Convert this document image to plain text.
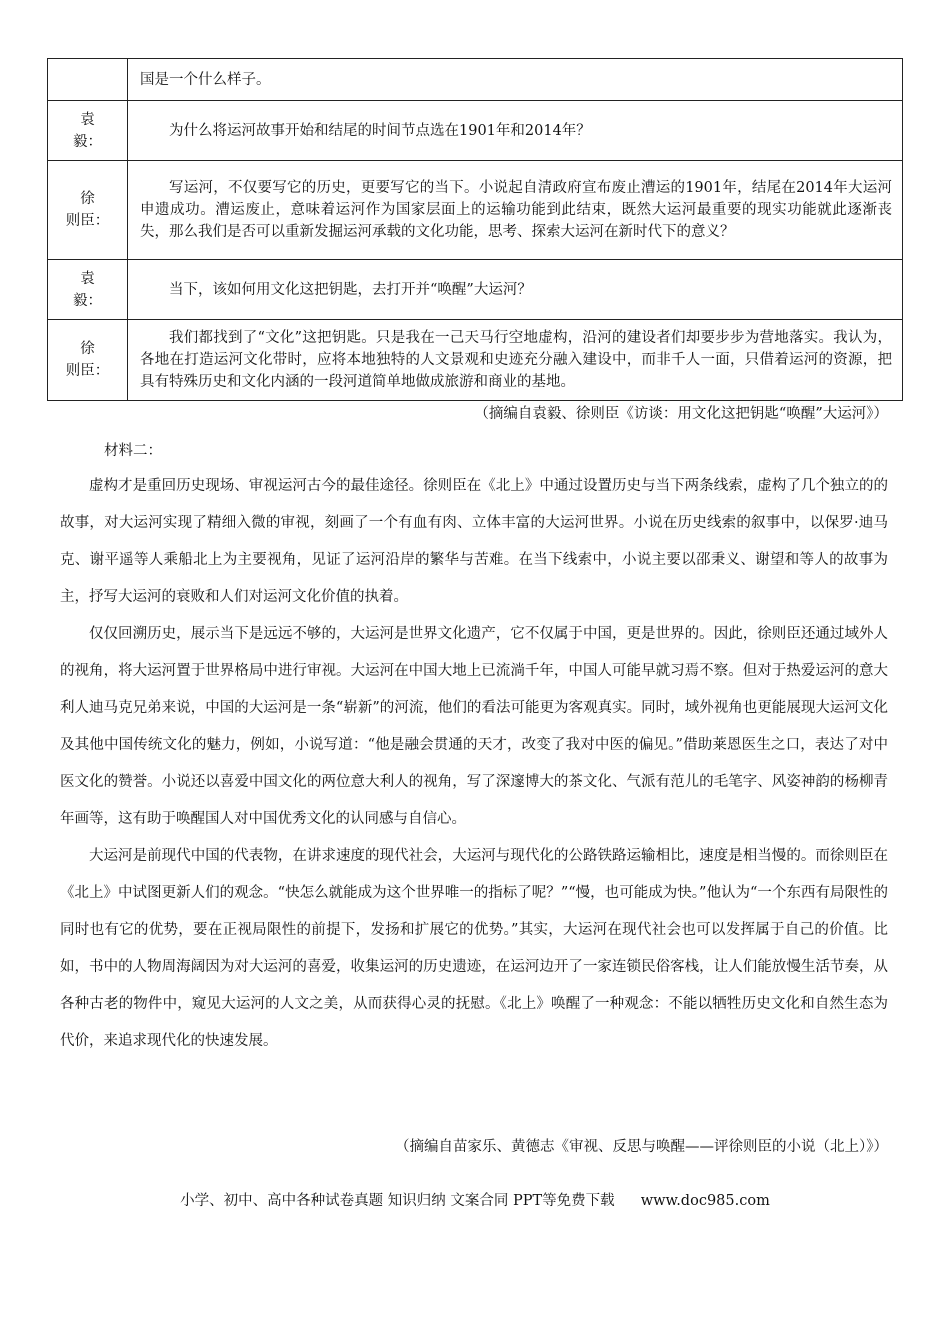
	国是一个什么样子。

袁
毅：	为什么将运河故事开始和结尾的时间节点选在1901年和2014年？

徐
则臣：	写运河，不仅要写它的历史，更要写它的当下。小说起自清政府宣布废止漕运的1901年，结尾在2014年大运河申遗成功。漕运废止，意味着运河作为国家层面上的运输功能到此结束，既然大运河最重要的现实功能就此逐渐丧失，那么我们是否可以重新发掘运河承载的文化功能，思考、探索大运河在新时代下的意义？

袁
毅：	当下，该如何用文化这把钥匙，去打开并“唤醒”大运河？

徐
则臣：	我们都找到了“文化”这把钥匙。只是我在一己天马行空地虚构，沿河的建设者们却要步步为营地落实。我认为，各地在打造运河文化带时，应将本地独特的人文景观和史迹充分融入建设中，而非千人一面，只借着运河的资源，把具有特殊历史和文化内涵的一段河道简单地做成旅游和商业的基地。
（摘编自袁毅、徐则臣《访谈：用文化这把钥匙“唤醒”大运河》）
材料二：

虚构才是重回历史现场、审视运河古今的最佳途径。徐则臣在《北上》中通过设置历史与当下两条线索，虚构了几个独立的的故事，对大运河实现了精细入微的审视，刻画了一个有血有肉、立体丰富的大运河世界。小说在历史线索的叙事中，以保罗·迪马克、谢平遥等人乘船北上为主要视角，见证了运河沿岸的繁华与苦难。在当下线索中，小说主要以邵秉义、谢望和等人的故事为主，抒写大运河的衰败和人们对运河文化价值的执着。

仅仅回溯历史，展示当下是远远不够的，大运河是世界文化遗产，它不仅属于中国，更是世界的。因此，徐则臣还通过域外人的视角，将大运河置于世界格局中进行审视。大运河在中国大地上已流淌千年，中国人可能早就习焉不察。但对于热爱运河的意大利人迪马克兄弟来说，中国的大运河是一条“崭新”的河流，他们的看法可能更为客观真实。同时，域外视角也更能展现大运河文化及其他中国传统文化的魅力，例如，小说写道：“他是融会贯通的天才，改变了我对中医的偏见。”借助莱恩医生之口，表达了对中医文化的赞誉。小说还以喜爱中国文化的两位意大利人的视角，写了深邃博大的茶文化、气派有范儿的毛笔字、风姿神韵的杨柳青年画等，这有助于唤醒国人对中国优秀文化的认同感与自信心。

大运河是前现代中国的代表物，在讲求速度的现代社会，大运河与现代化的公路铁路运输相比，速度是相当慢的。而徐则臣在《北上》中试图更新人们的观念。“快怎么就能成为这个世界唯一的指标了呢？”“慢，也可能成为快。”他认为“一个东西有局限性的同时也有它的优势，要在正视局限性的前提下，发扬和扩展它的优势。”其实，大运河在现代社会也可以发挥属于自己的价值。比如，书中的人物周海阔因为对大运河的喜爱，收集运河的历史遗迹，在运河边开了一家连锁民俗客栈，让人们能放慢生活节奏，从各种古老的物件中，窥见大运河的人文之美，从而获得心灵的抚慰。《北上》唤醒了一种观念：不能以牺牲历史文化和自然生态为代价，来追求现代化的快速发展。

（摘编自苗家乐、黄德志《审视、反思与唤醒——评徐则臣的小说（北上）》）
小学、初中、高中各种试卷真题 知识归纳 文案合同 PPT等免费下载 www.doc985.com
